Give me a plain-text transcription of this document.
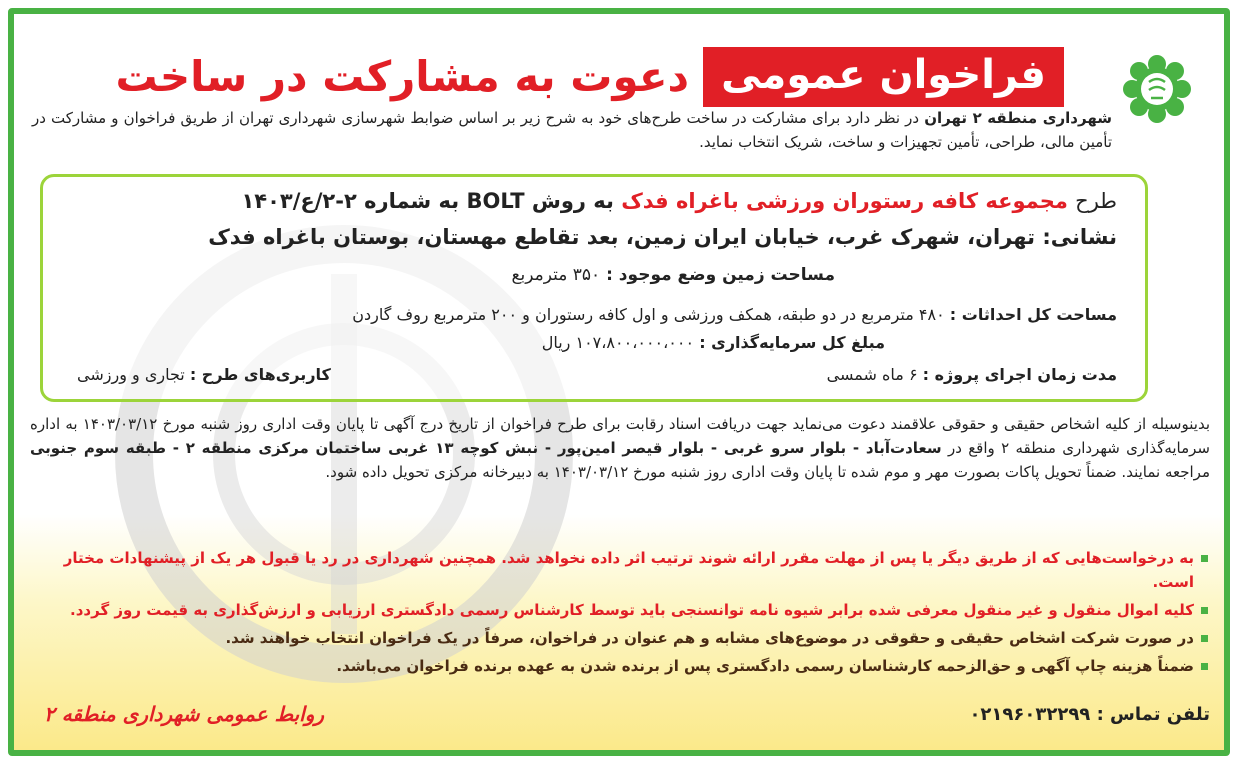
فراخوان عمومی
دعوت به مشارکت در ساخت
شهرداری منطقه ۲ تهران در نظر دارد برای مشارکت در ساخت طرح‌های خود به شرح زیر بر اساس ضوابط شهرسازی شهرداری تهران از طریق فراخوان و مشارکت در تأمین مالی، طراحی، تأمین تجهیزات و ساخت، شریک انتخاب نماید.
طرح مجموعه کافه رستوران ورزشی باغراه فدک به روش BOLT به شماره ۲-۲/ع/۱۴۰۳
نشانی: تهران، شهرک غرب، خیابان ایران زمین، بعد تقاطع مهستان، بوستان باغراه فدک
مساحت زمین وضع موجود : ۳۵۰ مترمربع
مساحت کل احداثات : ۴۸۰ مترمربع در دو طبقه، همکف ورزشی و اول کافه رستوران و ۲۰۰ مترمربع روف گاردن
مبلغ کل سرمایه‌گذاری : ۱۰۷،۸۰۰،۰۰۰،۰۰۰ ریال
مدت زمان اجرای پروژه : ۶ ماه شمسی
کاربری‌های طرح : تجاری و ورزشی
بدینوسیله از کلیه اشخاص حقیقی و حقوقی علاقمند دعوت می‌نماید جهت دریافت اسناد رقابت برای طرح فراخوان از تاریخ درج آگهی تا پایان وقت اداری روز شنبه مورخ ۱۴۰۳/۰۳/۱۲ به اداره سرمایه‌گذاری شهرداری منطقه ۲ واقع در سعادت‌آباد - بلوار سرو غربی - بلوار قیصر امین‌پور - نبش کوچه ۱۳ غربی ساختمان مرکزی منطقه ۲ - طبقه سوم جنوبی مراجعه نمایند. ضمناً تحویل پاکات بصورت مهر و موم شده تا پایان وقت اداری روز شنبه مورخ ۱۴۰۳/۰۳/۱۲ به دبیرخانه مرکزی تحویل داده شود.
به درخواست‌هایی که از طریق دیگر یا پس از مهلت مقرر ارائه شوند ترتیب اثر داده نخواهد شد. همچنین شهرداری در رد یا قبول هر یک از پیشنهادات مختار است.
کلیه اموال منقول و غیر منقول معرفی شده برابر شیوه نامه توانسنجی باید توسط کارشناس رسمی دادگستری ارزیابی و ارزش‌گذاری به قیمت روز گردد.
در صورت شرکت اشخاص حقیقی و حقوقی در موضوع‌های مشابه و هم عنوان در فراخوان، صرفاً در یک فراخوان انتخاب خواهند شد.
ضمناً هزینه چاپ آگهی و حق‌الزحمه کارشناسان رسمی دادگستری پس از برنده شدن به عهده برنده فراخوان می‌باشد.
تلفن تماس : ۰۲۱۹۶۰۳۲۲۹۹
روابط عمومی شهرداری منطقه ۲
